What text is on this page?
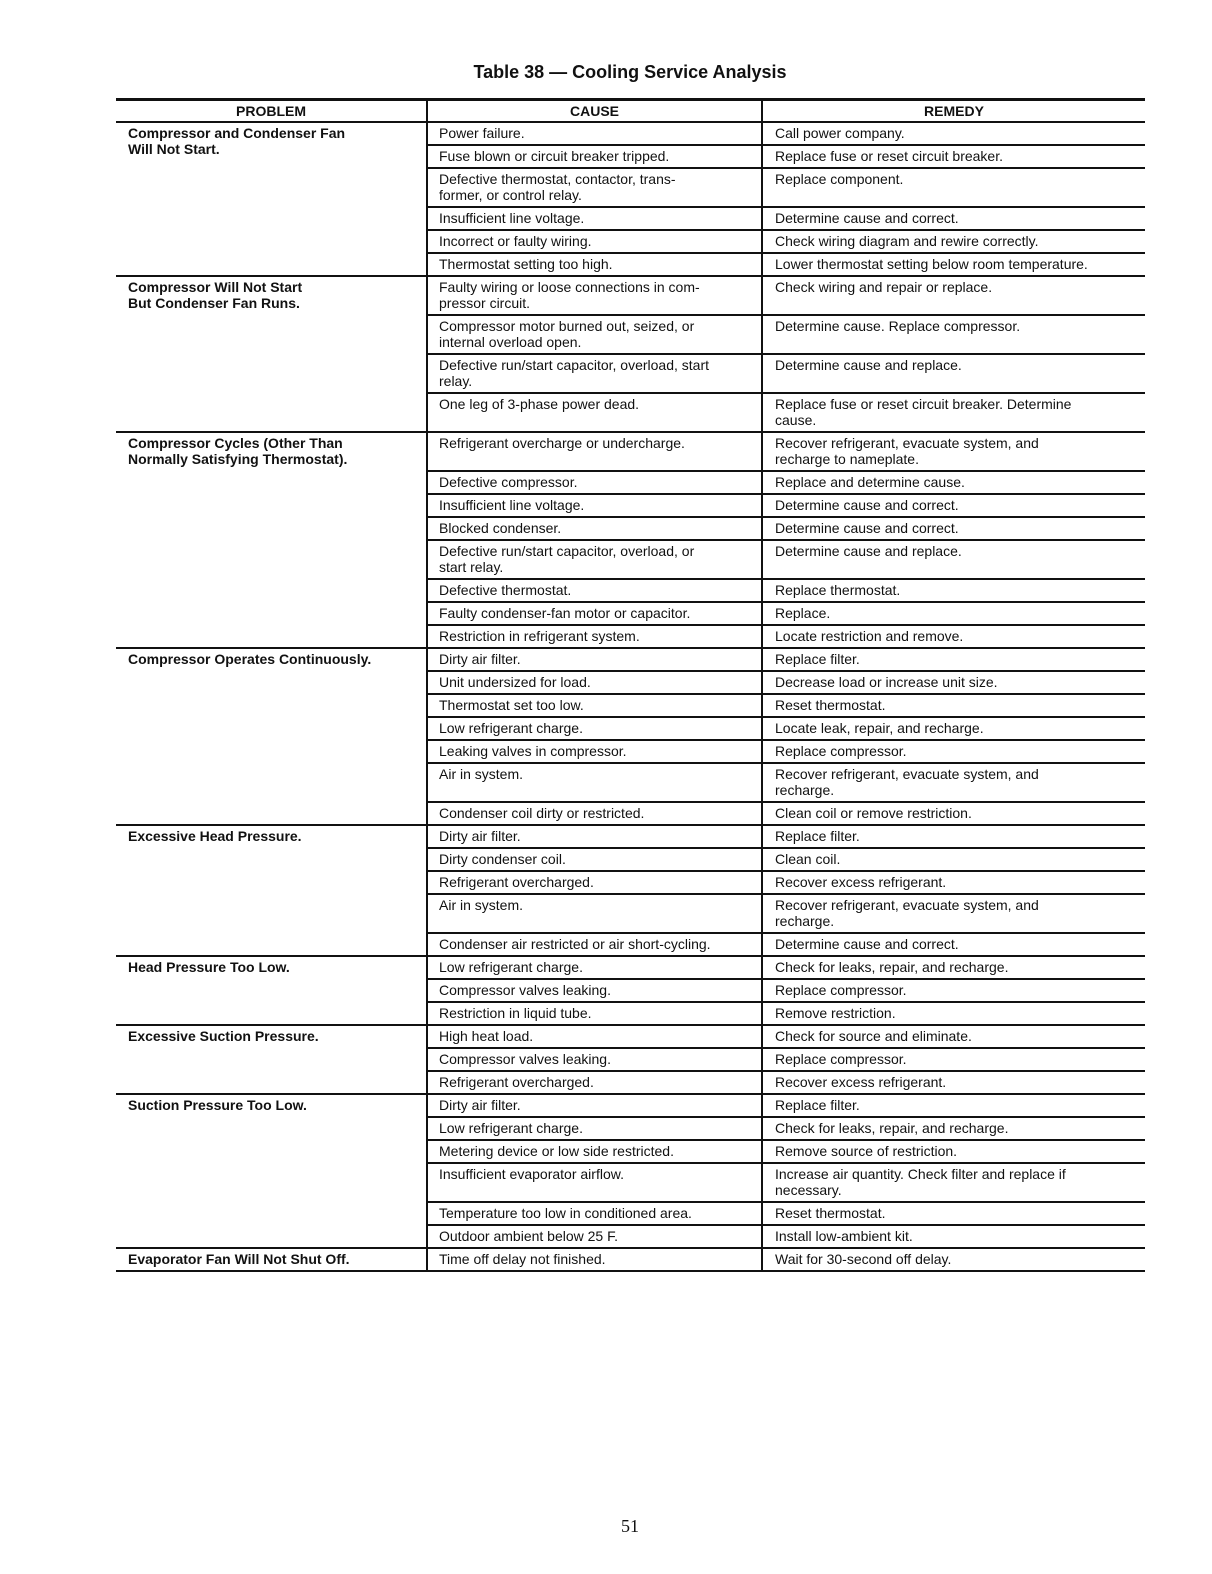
Table 38 — Cooling Service Analysis
PROBLEM	CAUSE	REMEDY

Compressor and Condenser Fan
Will Not Start.	Power failure.	Call power company.

	Fuse blown or circuit breaker tripped.	Replace fuse or reset circuit breaker.

	Defective thermostat, contactor, trans-
former, or control relay.	Replace component.

	Insufficient line voltage.	Determine cause and correct.

	Incorrect or faulty wiring.	Check wiring diagram and rewire correctly.

	Thermostat setting too high.	Lower thermostat setting below room temperature.

Compressor Will Not Start
But Condenser Fan Runs.	Faulty wiring or loose connections in com-
pressor circuit.	Check wiring and repair or replace.

	Compressor motor burned out, seized, or
internal overload open.	Determine cause. Replace compressor.

	Defective run/start capacitor, overload, start
relay.	Determine cause and replace.

	One leg of 3-phase power dead.	Replace fuse or reset circuit breaker. Determine
cause.

Compressor Cycles (Other Than
Normally Satisfying Thermostat).	Refrigerant overcharge or undercharge.	Recover refrigerant, evacuate system, and
recharge to nameplate.

	Defective compressor.	Replace and determine cause.

	Insufficient line voltage.	Determine cause and correct.

	Blocked condenser.	Determine cause and correct.

	Defective run/start capacitor, overload, or
start relay.	Determine cause and replace.

	Defective thermostat.	Replace thermostat.

	Faulty condenser-fan motor or capacitor.	Replace.

	Restriction in refrigerant system.	Locate restriction and remove.

Compressor Operates Continuously.	Dirty air filter.	Replace filter.

	Unit undersized for load.	Decrease load or increase unit size.

	Thermostat set too low.	Reset thermostat.

	Low refrigerant charge.	Locate leak, repair, and recharge.

	Leaking valves in compressor.	Replace compressor.

	Air in system.	Recover refrigerant, evacuate system, and
recharge.

	Condenser coil dirty or restricted.	Clean coil or remove restriction.

Excessive Head Pressure.	Dirty air filter.	Replace filter.

	Dirty condenser coil.	Clean coil.

	Refrigerant overcharged.	Recover excess refrigerant.

	Air in system.	Recover refrigerant, evacuate system, and
recharge.

	Condenser air restricted or air short-cycling.	Determine cause and correct.

Head Pressure Too Low.	Low refrigerant charge.	Check for leaks, repair, and recharge.

	Compressor valves leaking.	Replace compressor.

	Restriction in liquid tube.	Remove restriction.

Excessive Suction Pressure.	High heat load.	Check for source and eliminate.

	Compressor valves leaking.	Replace compressor.

	Refrigerant overcharged.	Recover excess refrigerant.

Suction Pressure Too Low.	Dirty air filter.	Replace filter.

	Low refrigerant charge.	Check for leaks, repair, and recharge.

	Metering device or low side restricted.	Remove source of restriction.

	Insufficient evaporator airflow.	Increase air quantity. Check filter and replace if
necessary.

	Temperature too low in conditioned area.	Reset thermostat.

	Outdoor ambient below 25 F.	Install low-ambient kit.

Evaporator Fan Will Not Shut Off.	Time off delay not finished.	Wait for 30-second off delay.
51
